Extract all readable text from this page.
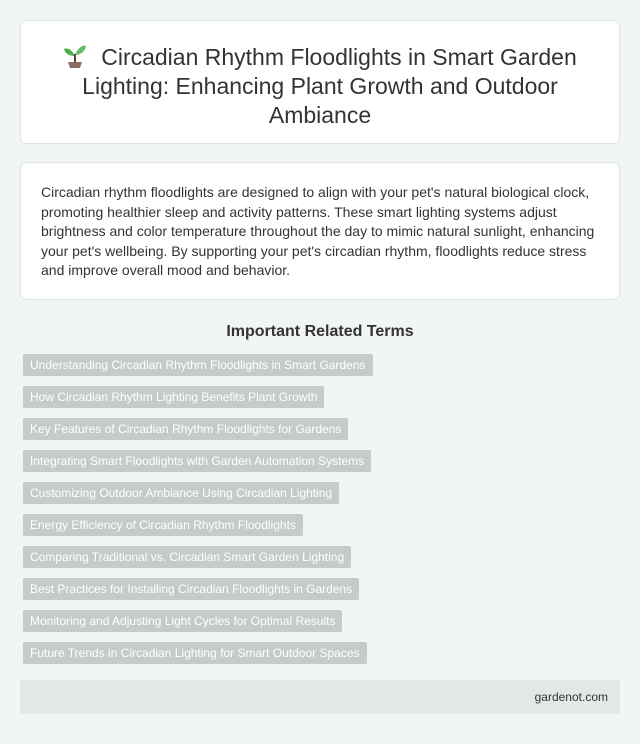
Circadian Rhythm Floodlights in Smart Garden Lighting: Enhancing Plant Growth and Outdoor Ambiance

Circadian rhythm floodlights are designed to align with your pet's natural biological clock, promoting healthier sleep and activity patterns. These smart lighting systems adjust brightness and color temperature throughout the day to mimic natural sunlight, enhancing your pet's wellbeing. By supporting your pet's circadian rhythm, floodlights reduce stress and improve overall mood and behavior.

Important Related Terms
Understanding Circadian Rhythm Floodlights in Smart Gardens
How Circadian Rhythm Lighting Benefits Plant Growth
Key Features of Circadian Rhythm Floodlights for Gardens
Integrating Smart Floodlights with Garden Automation Systems
Customizing Outdoor Ambiance Using Circadian Lighting
Energy Efficiency of Circadian Rhythm Floodlights
Comparing Traditional vs. Circadian Smart Garden Lighting
Best Practices for Installing Circadian Floodlights in Gardens
Monitoring and Adjusting Light Cycles for Optimal Results
Future Trends in Circadian Lighting for Smart Outdoor Spaces
gardenot.com
